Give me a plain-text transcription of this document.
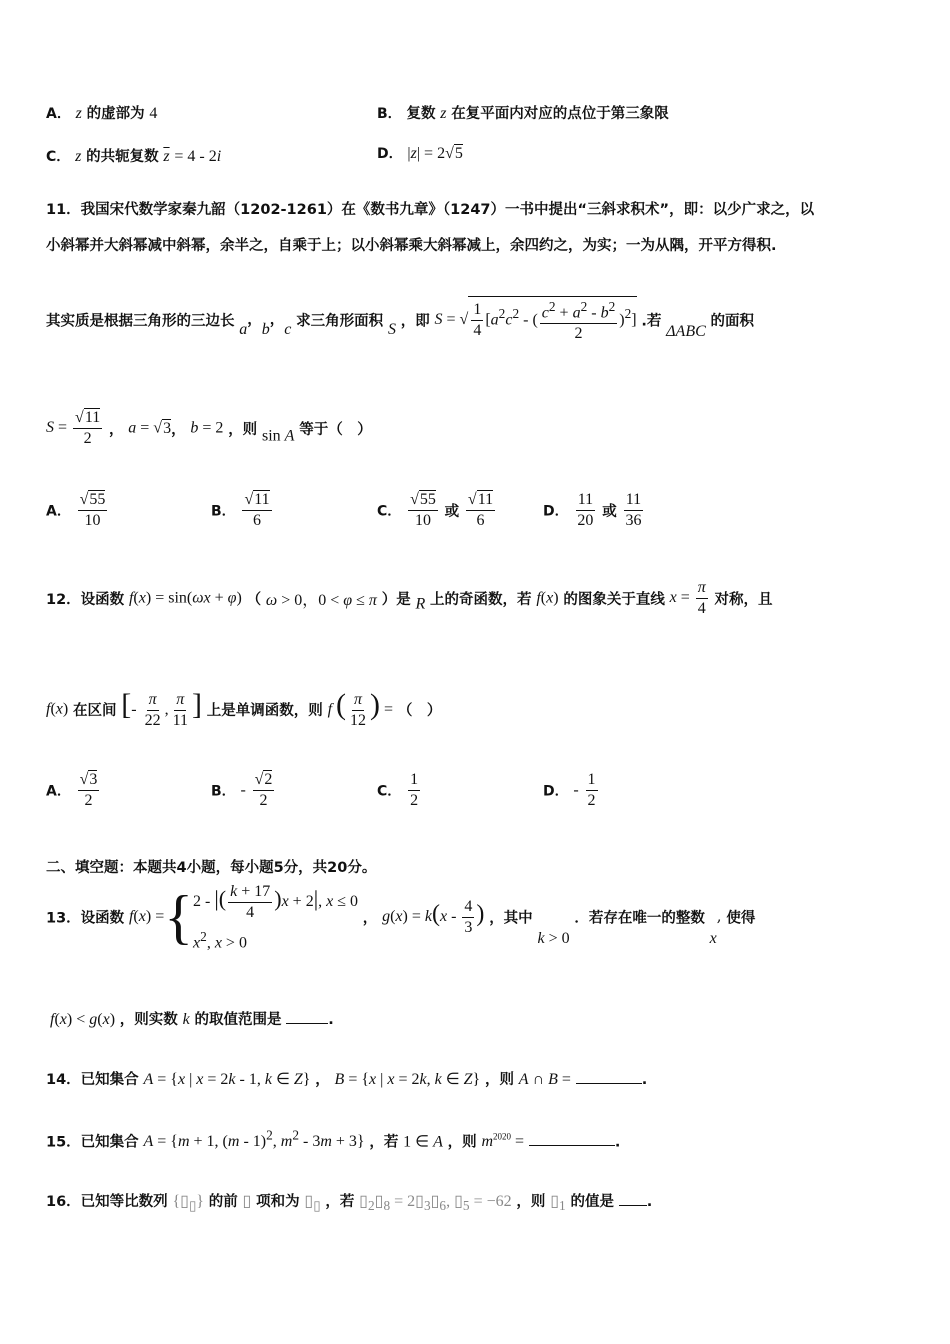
A． z 的虚部为 4	B． 复数 z 在复平面内对应的点位于第三象限
C． z 的共轭复数 $\overline{z} = 4 - 2i$	D． |z| = 2√5
11．我国宋代数学家秦九韶（1202-1261）在《数书九章》（1247）一书中提出“三斜求积术”，即：以少广求之，以
小斜幂并大斜幂减中斜幂，余半之，自乘于上；以小斜幂乘大斜幂减上，余四约之，为实；一为从隅，开平方得积.
其实质是根据三角形的三边长 a，b，c 求三角形面积 S ，即 S = √ $\frac{1}{4} [a^2c^2$ - ( $\frac{c^2 + a^2 - b^2}{2} )^2$] .若 ΔABC 的面积
$S = \frac{√11}{2}$ ， a = √3， b = 2 ，则 sin A 等于（　）
A． $\frac{√55}{10}$	B． $\frac{√11}{6}$	C． $\frac{√55}{10}$ 或 $\frac{√11}{6}$	D． $\frac{11}{20}$ 或 $\frac{11}{36}$
12．设函数 f(x) = sin(ωx + φ) （ ω > 0，0 < φ ≤ π ）是 R 上的奇函数，若 f(x) 的图象关于直线 $x = \frac{\pi}{4}$ 对称，且
f(x) 在区间 [- $\frac{\pi}{22}$ , $\frac{\pi}{11}$ ] 上是单调函数，则 f ( $\frac{\pi}{12}$ ) = （　）
A． $\frac{√3}{2}$	B． - $\frac{√2}{2}$	C． $\frac{1}{2}$	D． - $\frac{1}{2}$
二、填空题：本题共4小题，每小题5分，共20分。
13．设函数 f ( x ) = { 2 - |( $\frac{k + 17}{4} )x + 2|$, x ≤ 0
$x^2$, x > 0
， $g(x) = k(x - \frac{4}{3}$ ) ，其中 k > 0 ．若存在唯一的整数 x, 使得
f(x) < g(x) ，则实数 k 的取值范围是	.
14．已知集合 A = {x | x = 2k - 1, k ∈ Z} ， B = {x | x = 2k, k ∈ Z} ，则 A ∩ B =	.
15．已知集合 A = {m + 1, (m - 1)$^2$, $m^2 - 3m + 3$} ，若 1 ∈ A ，则 $m^{2020}$ =	.
16．已知等比数列 $\{▯_▯\}$ 的前 ▯ 项和为 $▯_▯$ ，若 $▯_2▯_8$ = $2▯_3▯_6$, $▯_5 = -62$ ，则 $▯_1$ 的值是 .
